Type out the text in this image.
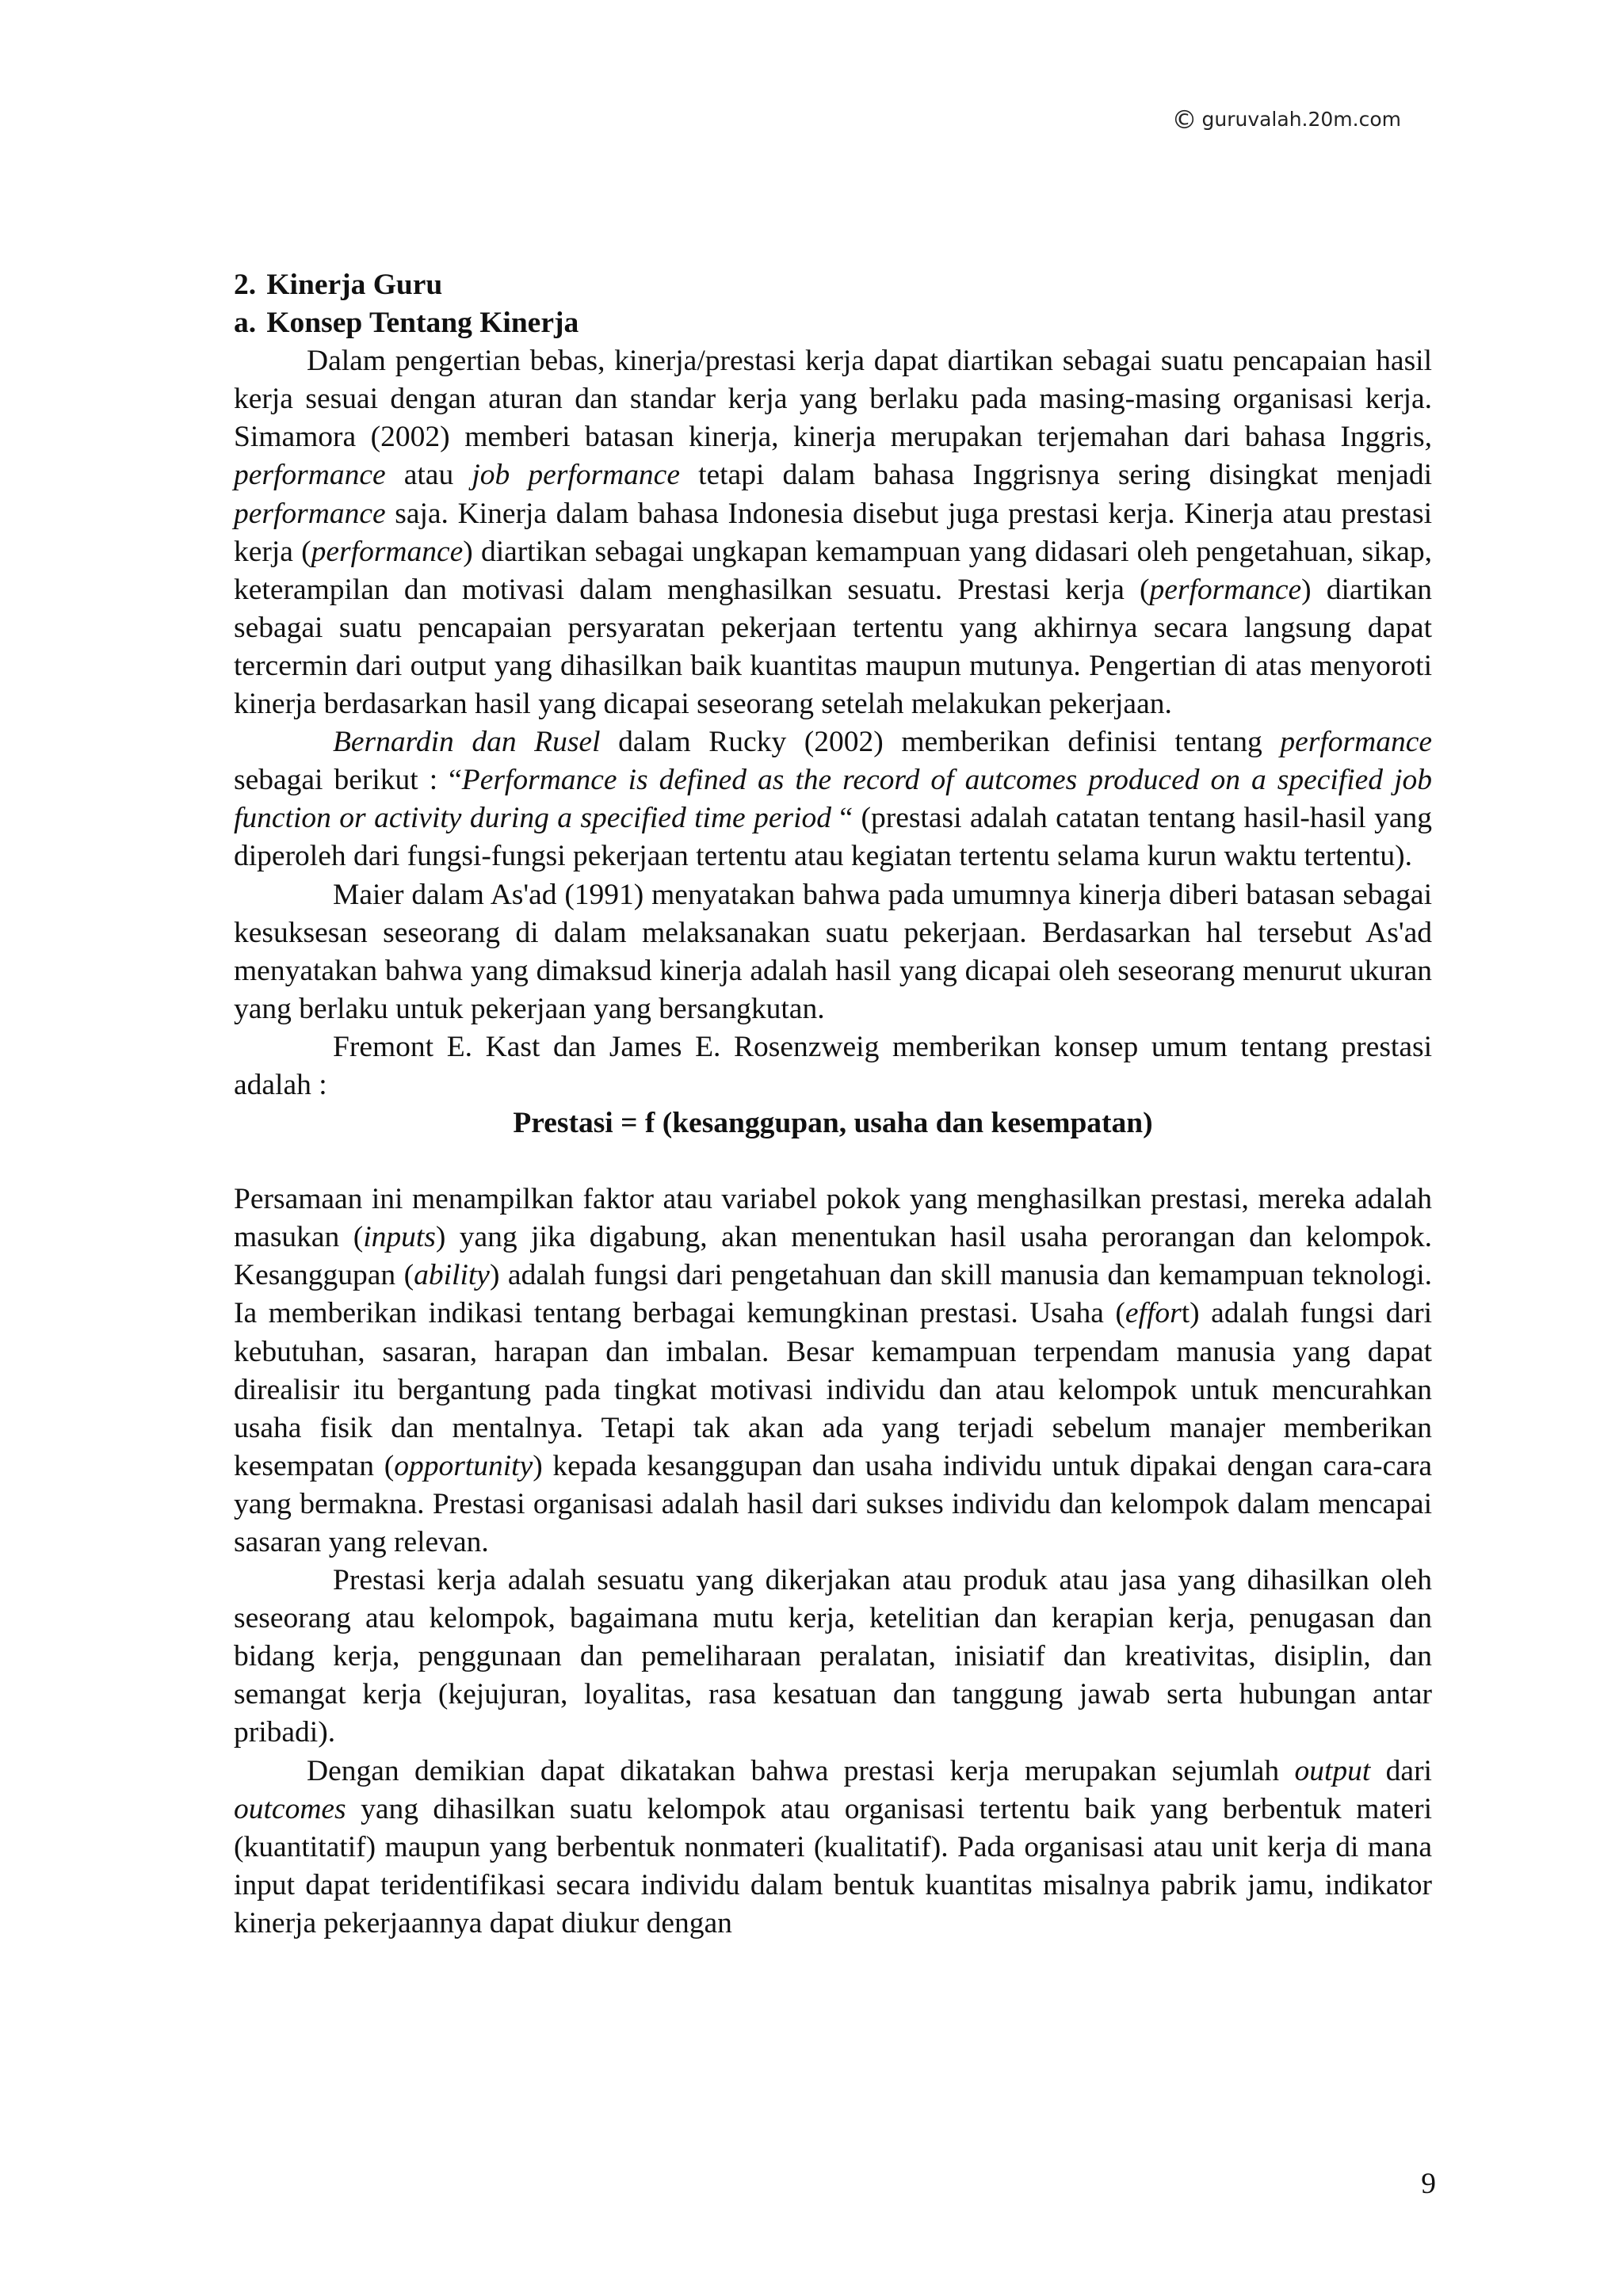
© guruvalah.20m.com

2. Kinerja Guru

a. Konsep Tentang Kinerja

Dalam pengertian bebas, kinerja/prestasi kerja dapat diartikan sebagai suatu pencapaian hasil kerja sesuai dengan aturan dan standar kerja yang berlaku pada masing-masing organisasi kerja. Simamora (2002) memberi batasan kinerja, kinerja merupakan terjemahan dari bahasa Inggris, performance atau job performance tetapi dalam bahasa Inggrisnya sering disingkat menjadi performance saja. Kinerja dalam bahasa Indonesia disebut juga prestasi kerja. Kinerja atau prestasi kerja (performance) diartikan sebagai ungkapan kemampuan yang didasari oleh pengetahuan, sikap, keterampilan dan motivasi dalam menghasilkan sesuatu. Prestasi kerja (performance) diartikan sebagai suatu pencapaian persyaratan pekerjaan tertentu yang akhirnya secara langsung dapat tercermin dari output yang dihasilkan baik kuantitas maupun mutunya. Pengertian di atas menyoroti kinerja berdasarkan hasil yang dicapai seseorang setelah melakukan pekerjaan.

Bernardin dan Rusel dalam Rucky (2002) memberikan definisi tentang performance sebagai berikut : “Performance is defined as the record of autcomes produced on a specified job function or activity during a specified time period “ (prestasi adalah catatan tentang hasil-hasil yang diperoleh dari fungsi-fungsi pekerjaan tertentu atau kegiatan tertentu selama kurun waktu tertentu).

Maier dalam As'ad (1991) menyatakan bahwa pada umumnya kinerja diberi batasan sebagai kesuksesan seseorang di dalam melaksanakan suatu pekerjaan. Berdasarkan hal tersebut As'ad menyatakan bahwa yang dimaksud kinerja adalah hasil yang dicapai oleh seseorang menurut ukuran yang berlaku untuk pekerjaan yang bersangkutan.

Fremont E. Kast dan James E. Rosenzweig memberikan konsep umum tentang prestasi adalah :

Prestasi = f (kesanggupan, usaha dan kesempatan)

Persamaan ini menampilkan faktor atau variabel pokok yang menghasilkan prestasi, mereka adalah masukan (inputs) yang jika digabung, akan menentukan hasil usaha perorangan dan kelompok. Kesanggupan (ability) adalah fungsi dari pengetahuan dan skill manusia dan kemampuan teknologi. Ia memberikan indikasi tentang berbagai kemungkinan prestasi. Usaha (effort) adalah fungsi dari kebutuhan, sasaran, harapan dan imbalan. Besar kemampuan terpendam manusia yang dapat direalisir itu bergantung pada tingkat motivasi individu dan atau kelompok untuk mencurahkan usaha fisik dan mentalnya. Tetapi tak akan ada yang terjadi sebelum manajer memberikan kesempatan (opportunity) kepada kesanggupan dan usaha individu untuk dipakai dengan cara-cara yang bermakna. Prestasi organisasi adalah hasil dari sukses individu dan kelompok dalam mencapai sasaran yang relevan.

Prestasi kerja adalah sesuatu yang dikerjakan atau produk atau jasa yang dihasilkan oleh seseorang atau kelompok, bagaimana mutu kerja, ketelitian dan kerapian kerja, penugasan dan bidang kerja, penggunaan dan pemeliharaan peralatan, inisiatif dan kreativitas, disiplin, dan semangat kerja (kejujuran, loyalitas, rasa kesatuan dan tanggung jawab serta hubungan antar pribadi).

Dengan demikian dapat dikatakan bahwa prestasi kerja merupakan sejumlah output dari outcomes yang dihasilkan suatu kelompok atau organisasi tertentu baik yang berbentuk materi (kuantitatif) maupun yang berbentuk nonmateri (kualitatif). Pada organisasi atau unit kerja di mana input dapat teridentifikasi secara individu dalam bentuk kuantitas misalnya pabrik jamu, indikator kinerja pekerjaannya dapat diukur dengan

9
